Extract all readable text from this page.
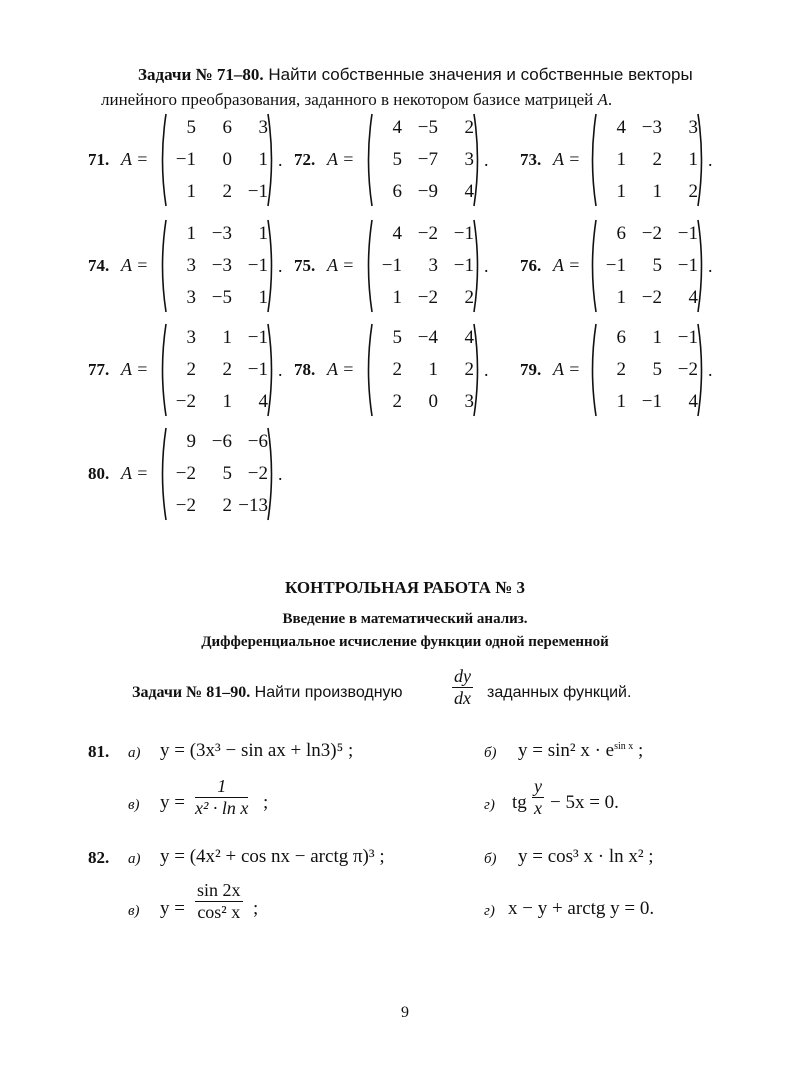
Задачи № 71–80. Найти собственные значения и собственные векторы
линейного преобразования, заданного в некотором базисе матрицей A.
71. A =
5	6	3
−1	0	1
1	2 −1
. 72. A =
4 −5	2
5 −7	3
6 −9	4
. 73. A =
4 −3	3
1	2	1
1	1	2
.
74. A =
1 −3	1
3 −3 −1
3 −5	1
. 75. A =
4 −2 −1
−1	3 −1
1 −2	2
. 76. A =
6 −2 −1
−1	5 −1
1 −2	4
.
77. A =
3	1 −1
2	2 −1
−2	1	4
. 78. A =
5 −4	4
2	1	2
2	0	3
. 79. A =
6	1 −1
2	5 −2
1 −1	4
.
80. A =
9 −6 −6
−2	5 −2
−2	2 −13
.
КОНТРОЛЬНАЯ РАБОТА № 3
Введение в математический анализ.
Дифференциальное исчисление функции одной переменной
Задачи № 81–90. Найти производную
dy
dx заданных функций.
81. а) y = (3x³ − sin ax + ln3)⁵ ;	б) y = sin² $x \cdot e^{sin x}$ ;
в) y =
1
x² · ln x ;	г) tg
y
x − 5x = 0.
82. а) y = (4x² + cos nx − arctg π)³ ;	б) y = cos³ x · ln x² ;
в) y =
sin 2x
cos² x ;	г) x − y + arctg y = 0.
9
